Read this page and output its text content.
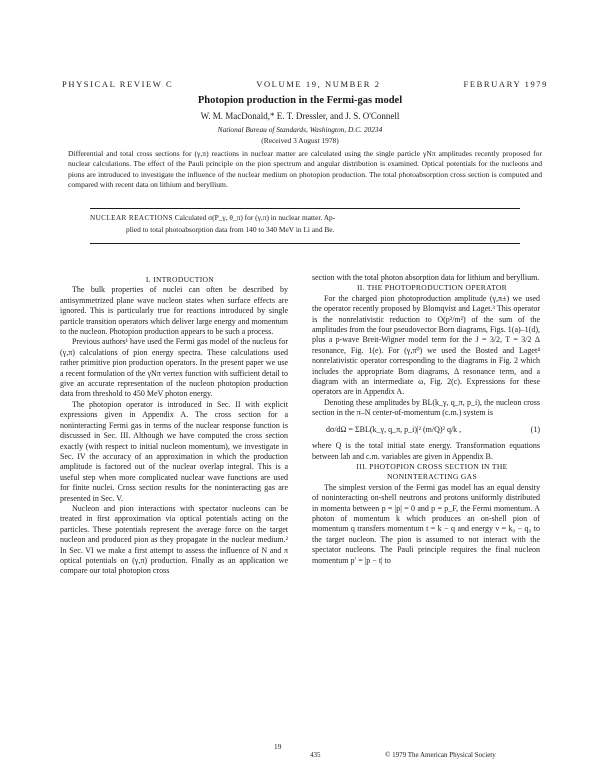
PHYSICAL REVIEW C	VOLUME 19, NUMBER 2	FEBRUARY 1979
Photopion production in the Fermi-gas model
W. M. MacDonald,* E. T. Dressler, and J. S. O'Connell
National Bureau of Standards, Washington, D.C. 20234
(Received 3 August 1978)
Differential and total cross sections for (γ,π) reactions in nuclear matter are calculated using the single particle γNπ amplitudes recently proposed for nuclear calculations. The effect of the Pauli principle on the pion spectrum and angular distribution is examined. Optical potentials for the nucleons and pions are introduced to investigate the influence of the nuclear medium on photopion production. The total photoabsorption cross section is computed and compared with recent data on lithium and beryllium.
NUCLEAR REACTIONS Calculated σ(P_γ, θ_π) for (γ,π) in nuclear matter. Ap-
plied to total photoabsorption data from 140 to 340 MeV in Li and Be.

I. INTRODUCTION

The bulk properties of nuclei can often be described by antisymmetrized plane wave nucleon states when surface effects are ignored. This is particularly true for reactions introduced by single particle transition operators which deliver large energy and momentum to the nucleon. Photopion production appears to be such a process.

Previous authors¹ have used the Fermi gas model of the nucleus for (γ,π) calculations of pion energy spectra. These calculations used rather primitive pion production operators. In the present paper we use a recent formulation of the γNπ vertex function with sufficient detail to give an accurate representation of the nucleon photopion production data from threshold to 450 MeV photon energy.

The photopion operator is introduced in Sec. II with explicit expressions given in Appendix A. The cross section for a noninteracting Fermi gas in terms of the nuclear response function is discussed in Sec. III. Although we have computed the cross section exactly (with respect to initial nucleon momentum), we investigate in Sec. IV the accuracy of an approximation in which the production amplitude is factored out of the nuclear overlap integral. This is a useful step when more complicated nuclear wave functions are used for finite nuclei. Cross section results for the noninteracting gas are presented in Sec. V.

Nucleon and pion interactions with spectator nucleons can be treated in first approximation via optical potentials acting on the particles. These potentials represent the average force on the target nucleon and produced pion as they propagate in the nuclear medium.² In Sec. VI we make a first attempt to assess the influence of N and π optical potentials on (γ,π) production. Finally as an application we compare our total photopion cross

section with the total photon absorption data for lithium and beryllium.

II. THE PHOTOPRODUCTION OPERATOR

For the charged pion photoproduction amplitude (γ,π±) we used the operator recently proposed by Blomqvist and Laget.³ This operator is the nonrelativistic reduction to O(p²/m²) of the sum of the amplitudes from the four pseudovector Born diagrams, Figs. 1(a)–1(d), plus a p-wave Breit-Wigner model term for the J = 3/2, T = 3/2 Δ resonance, Fig. 1(e). For (γ,π⁰) we used the Bosted and Laget⁴ nonrelativistic operator corresponding to the diagrams in Fig. 2 which includes the appropriate Born diagrams, Δ resonance term, and a diagram with an intermediate ω, Fig. 2(c). Expressions for these operators are in Appendix A.

Denoting these amplitudes by BL(k_γ, q_π, p_i), the nucleon cross section in the π–N center-of-momentum (c.m.) system is

dσ/dΩ = ΣBL(k_γ, q_π, p_i)|² (m/Q)² q/k ,	(1)

where Q is the total initial state energy. Transformation equations between lab and c.m. variables are given in Appendix B.

III. PHOTOPION CROSS SECTION IN THE

NONINTERACTING GAS

The simplest version of the Fermi gas model has an equal density of noninteracting on-shell neutrons and protons uniformly distributed in momenta between p = |p| = 0 and p = p_F, the Fermi momentum. A photon of momentum k which produces an on-shell pion of momentum q transfers momentum t = k − q and energy ν = k₀ − q₀ to the target nucleon. The pion is assumed to not interact with the spectator nucleons. The Pauli principle requires the final nucleon momentum p′ = |p − t| to

19
435	© 1979 The American Physical Society
